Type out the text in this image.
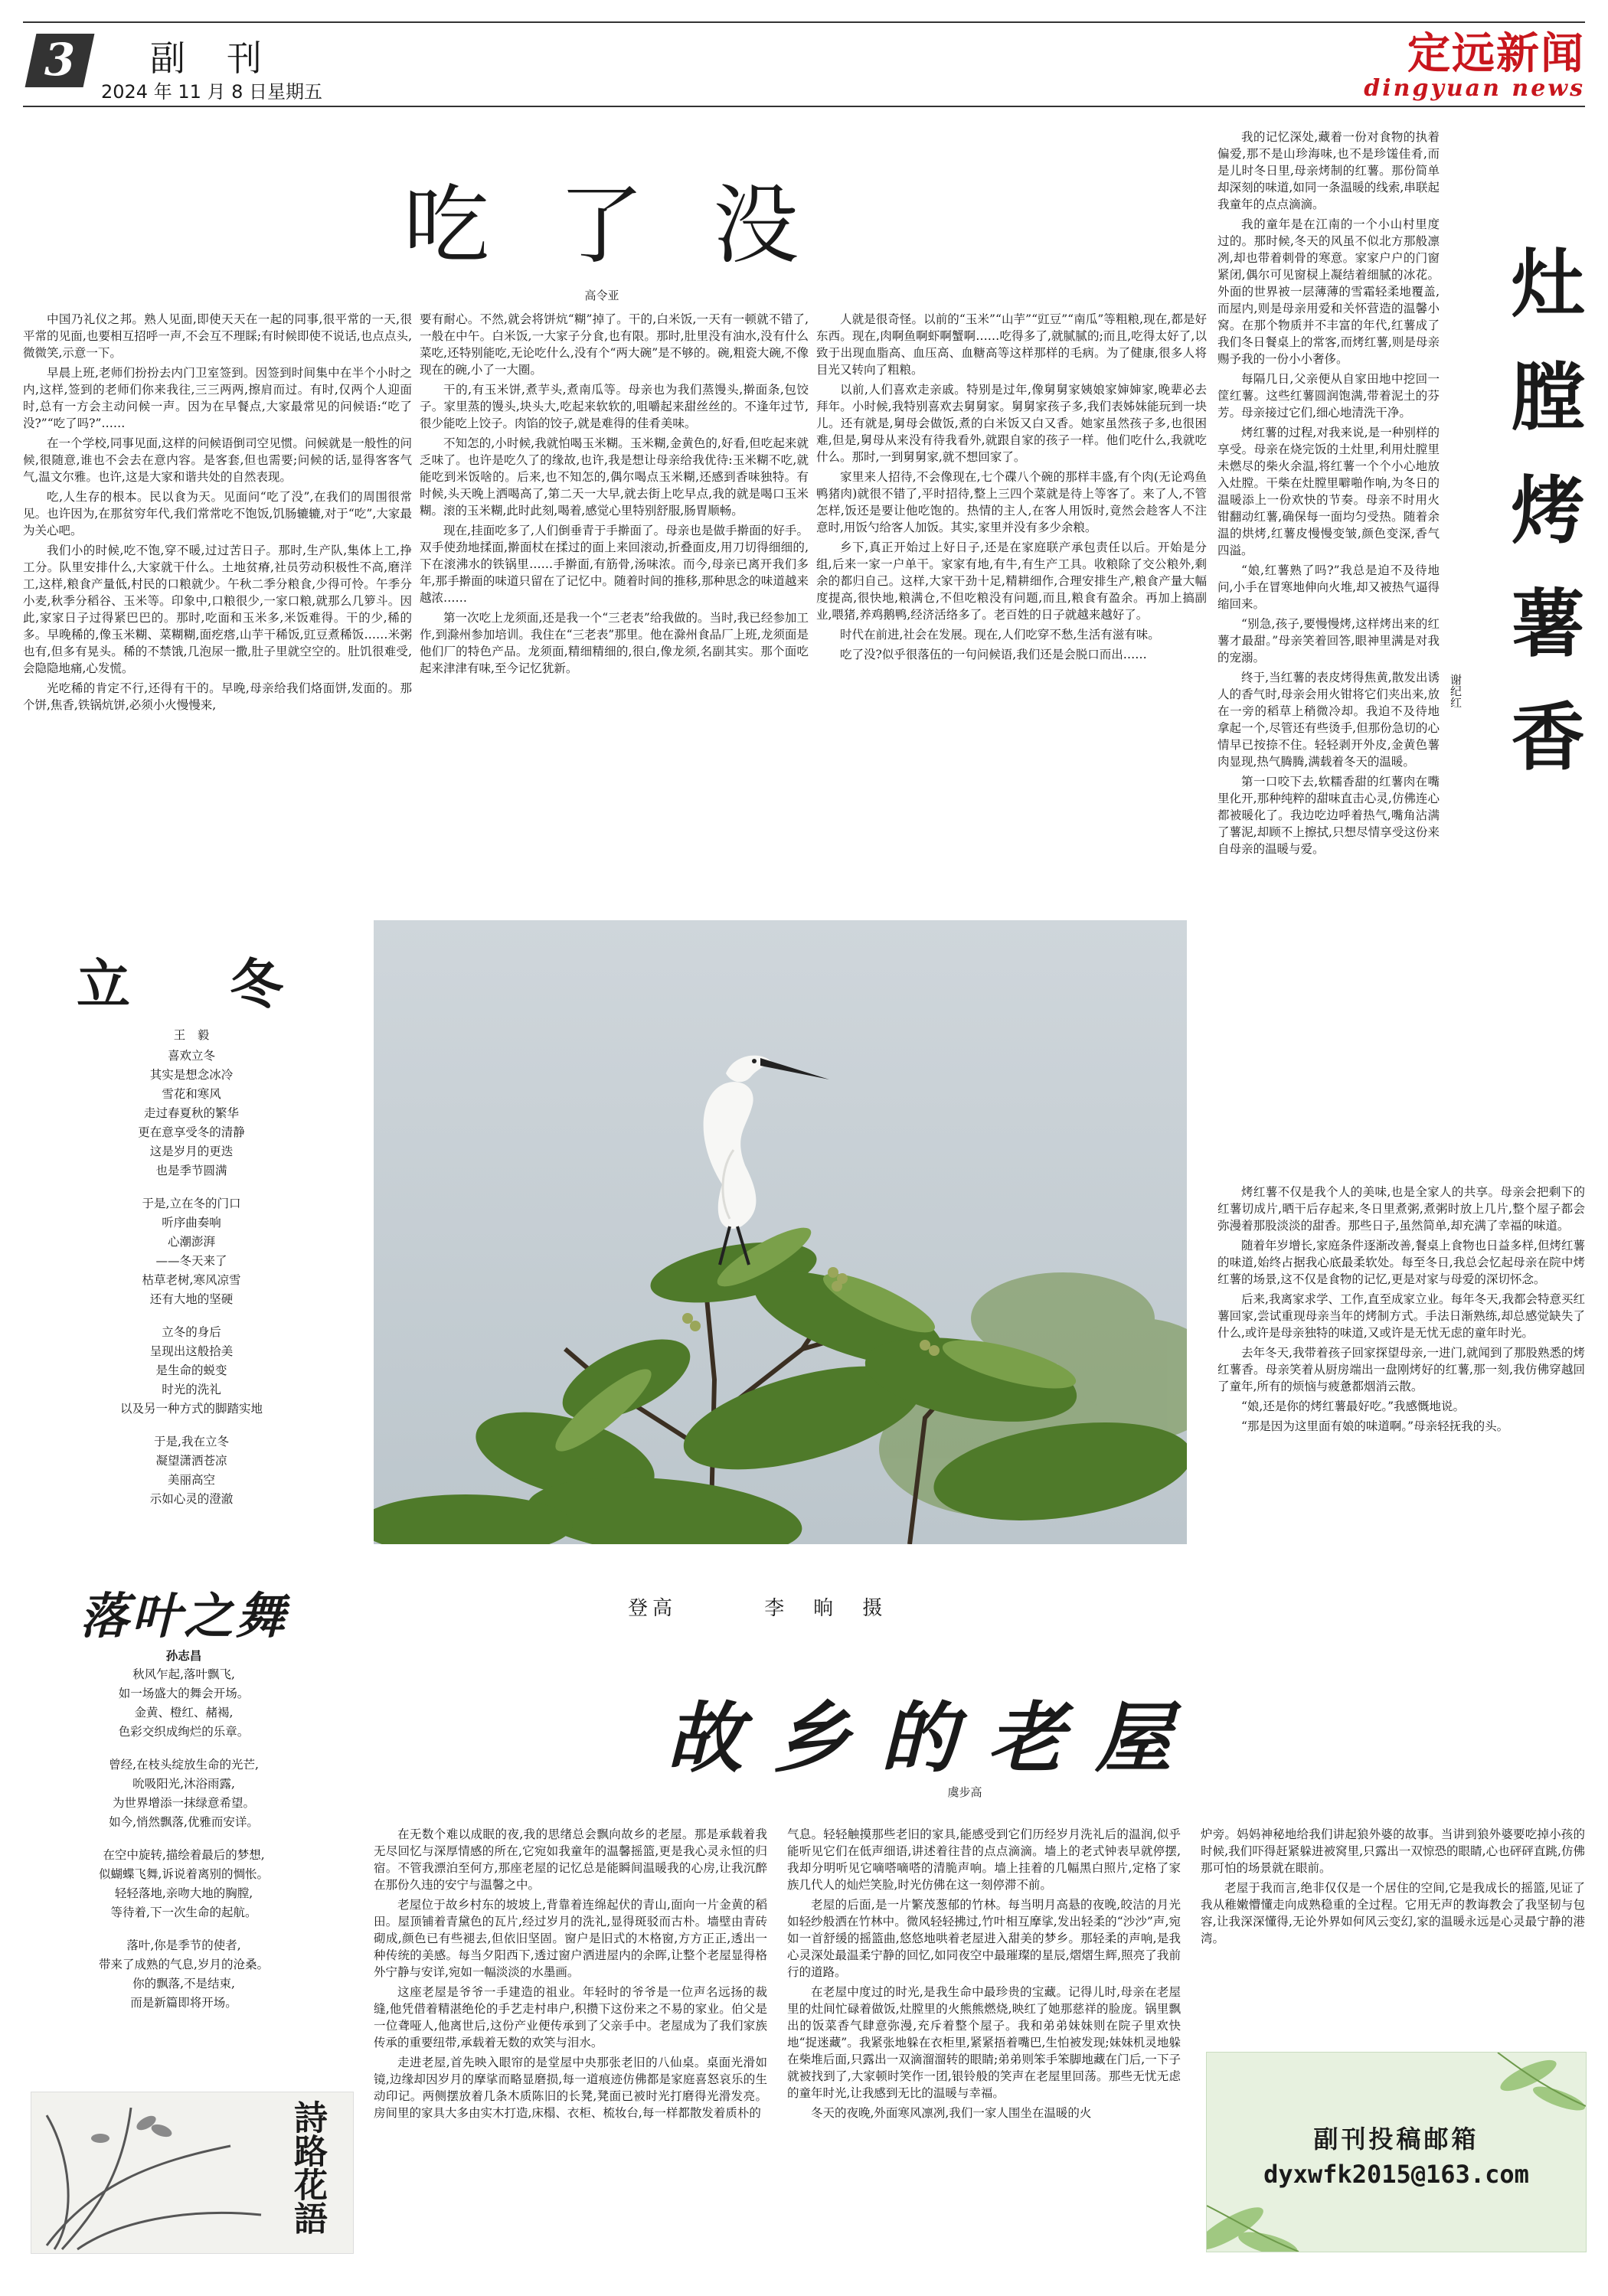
3	副　刊
2024 年 11 月 8 日星期五
定远新闻
dingyuan news
吃了没
高令亚

中国乃礼仪之邦。熟人见面,即使天天在一起的同事,很平常的一天,很平常的见面,也要相互招呼一声,不会互不理睬;有时候即使不说话,也点点头,微微笑,示意一下。

早晨上班,老师们扮扮去内门卫室签到。因签到时间集中在半个小时之内,这样,签到的老师们你来我往,三三两两,擦肩而过。有时,仅两个人迎面时,总有一方会主动问候一声。因为在早餐点,大家最常见的问候语:“吃了没?”“吃了吗?”……

在一个学校,同事见面,这样的问候语倒司空见惯。问候就是一般性的问候,很随意,谁也不会去在意内容。是客套,但也需要;问候的话,显得客客气气,温文尔雅。也许,这是大家和谐共处的自然表现。

吃,人生存的根本。民以食为天。见面问“吃了没”,在我们的周围很常见。也许因为,在那贫穷年代,我们常常吃不饱饭,饥肠辘辘,对于“吃”,大家最为关心吧。

我们小的时候,吃不饱,穿不暖,过过苦日子。那时,生产队,集体上工,挣工分。队里安排什么,大家就干什么。土地贫瘠,社员劳动积极性不高,磨洋工,这样,粮食产量低,村民的口粮就少。午秋二季分粮食,少得可怜。午季分小麦,秋季分稻谷、玉米等。印象中,口粮很少,一家口粮,就那么几箩斗。因此,家家日子过得紧巴巴的。那时,吃面和玉米多,米饭难得。干的少,稀的多。早晚稀的,像玉米糊、菜糊糊,面疙瘩,山芋干稀饭,豇豆煮稀饭……米粥也有,但多有晃头。稀的不禁饿,几泡尿一撒,肚子里就空空的。肚饥很难受,会隐隐地痛,心发慌。

光吃稀的肯定不行,还得有干的。早晚,母亲给我们烙面饼,发面的。那个饼,焦香,铁锅炕饼,必须小火慢慢来,

要有耐心。不然,就会将饼炕“糊”掉了。干的,白米饭,一天有一顿就不错了,一般在中午。白米饭,一大家子分食,也有限。那时,肚里没有油水,没有什么菜吃,还特别能吃,无论吃什么,没有个“两大碗”是不够的。碗,粗瓷大碗,不像现在的碗,小了一大圈。

干的,有玉米饼,煮芋头,煮南瓜等。母亲也为我们蒸馒头,擀面条,包饺子。家里蒸的馒头,块头大,吃起来软软的,咀嚼起来甜丝丝的。不逢年过节,很少能吃上饺子。肉馅的饺子,就是难得的佳肴美味。

不知怎的,小时候,我就怕喝玉米糊。玉米糊,金黄色的,好看,但吃起来就乏味了。也许是吃久了的缘故,也许,我是想让母亲给我优待:玉米糊不吃,就能吃到米饭啥的。后来,也不知怎的,偶尔喝点玉米糊,还感到香味独特。有时候,头天晚上洒喝高了,第二天一大早,就去街上吃早点,我的就是喝口玉米糊。滚的玉米糊,此时此刻,喝着,感觉心里特别舒服,肠胃顺畅。

现在,挂面吃多了,人们倒垂青于手擀面了。母亲也是做手擀面的好手。双手使劲地揉面,擀面杖在揉过的面上来回滚动,折叠面皮,用刀切得细细的,下在滚沸水的铁锅里……手擀面,有筋骨,汤味浓。而今,母亲已离开我们多年,那手擀面的味道只留在了记忆中。随着时间的推移,那种思念的味道越来越浓……

第一次吃上龙须面,还是我一个“三老表”给我做的。当时,我已经参加工作,到滁州参加培训。我住在“三老表”那里。他在滁州食品厂上班,龙须面是他们厂的特色产品。龙须面,精细精细的,很白,像龙须,名副其实。那个面吃起来津津有味,至今记忆犹新。

人就是很奇怪。以前的“玉米”“山芋”“豇豆”“南瓜”等粗粮,现在,都是好东西。现在,肉啊鱼啊虾啊蟹啊……吃得多了,就腻腻的;而且,吃得太好了,以致于出现血脂高、血压高、血糖高等这样那样的毛病。为了健康,很多人将目光又转向了粗粮。

以前,人们喜欢走亲戚。特别是过年,像舅舅家姨娘家婶婶家,晚辈必去拜年。小时候,我特别喜欢去舅舅家。舅舅家孩子多,我们表姊妹能玩到一块儿。还有就是,舅母会做饭,煮的白米饭又白又香。她家虽然孩子多,也很困难,但是,舅母从来没有待我看外,就跟自家的孩子一样。他们吃什么,我就吃什么。那时,一到舅舅家,就不想回家了。

家里来人招待,不会像现在,七个碟八个碗的那样丰盛,有个肉(无论鸡鱼鸭猪肉)就很不错了,平时招待,整上三四个菜就是待上等客了。来了人,不管怎样,饭还是要让他吃饱的。热情的主人,在客人用饭时,竟然会趁客人不注意时,用饭勺给客人加饭。其实,家里并没有多少余粮。

乡下,真正开始过上好日子,还是在家庭联产承包责任以后。开始是分组,后来一家一户单干。家家有地,有牛,有生产工具。收粮除了交公粮外,剩余的都归自己。这样,大家干劲十足,精耕细作,合理安排生产,粮食产量大幅度提高,很快地,粮满仓,不但吃粮没有问题,而且,粮食有盈余。再加上搞副业,喂猪,养鸡鹅鸭,经济活络多了。老百姓的日子就越来越好了。

时代在前进,社会在发展。现在,人们吃穿不愁,生活有滋有味。

吃了没?似乎很落伍的一句问候语,我们还是会脱口而出……

立　冬

王　毅

喜欢立冬

其实是想念冰冷

雪花和寒风

走过春夏秋的繁华

更在意享受冬的清静

这是岁月的更迭

也是季节圆满

于是,立在冬的门口

听序曲奏响

心潮澎湃

——冬天来了

枯草老树,寒风凉雪

还有大地的坚硬

立冬的身后

呈现出这般拾美

是生命的蜕变

时光的洗礼

以及另一种方式的脚踏实地

于是,我在立冬

凝望潇洒苍凉

美丽高空

示如心灵的澄澈

登高	李　晌　摄

我的记忆深处,藏着一份对食物的执着偏爱,那不是山珍海味,也不是珍馐佳肴,而是儿时冬日里,母亲烤制的红薯。那份简单却深刻的味道,如同一条温暖的线索,串联起我童年的点点滴滴。

我的童年是在江南的一个小山村里度过的。那时候,冬天的风虽不似北方那般凛冽,却也带着刺骨的寒意。家家户户的门窗紧闭,偶尔可见窗棂上凝结着细腻的冰花。外面的世界被一层薄薄的雪霜轻柔地覆盖,而屋内,则是母亲用爱和关怀营造的温馨小窝。在那个物质并不丰富的年代,红薯成了我们冬日餐桌上的常客,而烤红薯,则是母亲赐予我的一份小小奢侈。

每隔几日,父亲便从自家田地中挖回一筐红薯。这些红薯圆润饱满,带着泥土的芬芳。母亲接过它们,细心地清洗干净。

烤红薯的过程,对我来说,是一种别样的享受。母亲在烧完饭的土灶里,利用灶膛里未燃尽的柴火余温,将红薯一个个小心地放入灶膛。干柴在灶膛里噼啪作响,为冬日的温暖添上一份欢快的节奏。母亲不时用火钳翻动红薯,确保每一面均匀受热。随着余温的烘烤,红薯皮慢慢变皱,颜色变深,香气四溢。

“娘,红薯熟了吗?”我总是迫不及待地问,小手在冒寒地伸向火堆,却又被热气逼得缩回来。

“别急,孩子,要慢慢烤,这样烤出来的红薯才最甜。”母亲笑着回答,眼神里满是对我的宠溺。

终于,当红薯的表皮烤得焦黄,散发出诱人的香气时,母亲会用火钳将它们夹出来,放在一旁的稻草上稍微冷却。我迫不及待地拿起一个,尽管还有些烫手,但那份急切的心情早已按捺不住。轻轻剥开外皮,金黄色薯肉显现,热气腾腾,满载着冬天的温暖。

第一口咬下去,软糯香甜的红薯肉在嘴里化开,那种纯粹的甜味直击心灵,仿佛连心都被暖化了。我边吃边呼着热气,嘴角沾满了薯泥,却顾不上擦拭,只想尽情享受这份来自母亲的温暖与爱。

灶膛烤薯香
谢纪红

烤红薯不仅是我个人的美味,也是全家人的共享。母亲会把剩下的红薯切成片,晒干后存起来,冬日里煮粥,煮粥时放上几片,整个屋子都会弥漫着那股淡淡的甜香。那些日子,虽然简单,却充满了幸福的味道。

随着年岁增长,家庭条件逐渐改善,餐桌上食物也日益多样,但烤红薯的味道,始终占据我心底最柔软处。每至冬日,我总会忆起母亲在院中烤红薯的场景,这不仅是食物的记忆,更是对家与母爱的深切怀念。

后来,我离家求学、工作,直至成家立业。每年冬天,我都会特意买红薯回家,尝试重现母亲当年的烤制方式。手法日渐熟练,却总感觉缺失了什么,或许是母亲独特的味道,又或许是无忧无虑的童年时光。

去年冬天,我带着孩子回家探望母亲,一进门,就闻到了那股熟悉的烤红薯香。母亲笑着从厨房端出一盘刚烤好的红薯,那一刻,我仿佛穿越回了童年,所有的烦恼与疲惫都烟消云散。

“娘,还是你的烤红薯最好吃。”我感慨地说。

“那是因为这里面有娘的味道啊。”母亲轻抚我的头。

落叶之舞

孙志昌

秋风乍起,落叶飘飞,

如一场盛大的舞会开场。

金黄、橙红、赭褐,

色彩交织成绚烂的乐章。

曾经,在枝头绽放生命的光芒,

吮吸阳光,沐浴雨露,

为世界增添一抹绿意希望。

如今,悄然飘落,优雅而安详。

在空中旋转,描绘着最后的梦想,

似蝴蝶飞舞,诉说着离别的惆怅。

轻轻落地,亲吻大地的胸膛,

等待着,下一次生命的起航。

落叶,你是季节的使者,

带来了成熟的气息,岁月的沧桑。

你的飘落,不是结束,

而是新篇即将开场。

詩路花語
故乡的老屋
虞步高

在无数个难以成眠的夜,我的思绪总会飘向故乡的老屋。那是承载着我无尽回忆与深厚情感的所在,它宛如我童年的温馨摇篮,更是我心灵永恒的归宿。不管我漂泊至何方,那座老屋的记忆总是能瞬间温暖我的心房,让我沉醉在那份久违的安宁与温馨之中。

老屋位于故乡村东的坡坡上,背靠着连绵起伏的青山,面向一片金黄的稻田。屋顶铺着青黛色的瓦片,经过岁月的洗礼,显得斑驳而古朴。墙壁由青砖砌成,颜色已有些褪去,但依旧坚固。窗户是旧式的木格窗,方方正正,透出一种传统的美感。每当夕阳西下,透过窗户洒进屋内的余晖,让整个老屋显得格外宁静与安详,宛如一幅淡淡的水墨画。

这座老屋是爷爷一手建造的祖业。年轻时的爷爷是一位声名远扬的裁缝,他凭借着精湛绝伦的手艺走村串户,积攒下这份来之不易的家业。伯父是一位聋哑人,他离世后,这份产业便传承到了父亲手中。老屋成为了我们家族传承的重要纽带,承载着无数的欢笑与泪水。

走进老屋,首先映入眼帘的是堂屋中央那张老旧的八仙桌。桌面光滑如镜,边缘却因岁月的摩挲而略显磨损,每一道痕迹仿佛都是家庭喜怒哀乐的生动印记。两侧摆放着几条木质陈旧的长凳,凳面已被时光打磨得光滑发亮。房间里的家具大多由实木打造,床榻、衣柜、梳妆台,每一样都散发着质朴的

气息。轻轻触摸那些老旧的家具,能感受到它们历经岁月洗礼后的温润,似乎能听见它们在低声细语,讲述着往昔的点点滴滴。墙上的老式钟表早就停摆,我却分明听见它嘀嗒嘀嗒的清脆声响。墙上挂着的几幅黑白照片,定格了家族几代人的灿烂笑脸,时光仿佛在这一刻停滞不前。

老屋的后面,是一片繁茂葱郁的竹林。每当明月高悬的夜晚,皎洁的月光如轻纱般洒在竹林中。微风轻轻拂过,竹叶相互摩挲,发出轻柔的“沙沙”声,宛如一首舒缓的摇篮曲,悠悠地哄着老屋进入甜美的梦乡。那轻柔的声响,是我心灵深处最温柔宁静的回忆,如同夜空中最璀璨的星辰,熠熠生辉,照亮了我前行的道路。

在老屋中度过的时光,是我生命中最珍贵的宝藏。记得儿时,母亲在老屋里的灶间忙碌着做饭,灶膛里的火熊熊燃烧,映红了她那慈祥的脸庞。锅里飘出的饭菜香气肆意弥漫,充斥着整个屋子。我和弟弟妹妹则在院子里欢快地“捉迷藏”。我紧张地躲在衣柜里,紧紧捂着嘴巴,生怕被发现;妹妹机灵地躲在柴堆后面,只露出一双滴溜溜转的眼睛;弟弟则笨手笨脚地藏在门后,一下子就被找到了,大家顿时笑作一团,银铃般的笑声在老屋里回荡。那些无忧无虑的童年时光,让我感到无比的温暖与幸福。

冬天的夜晚,外面寒风凛冽,我们一家人围坐在温暖的火

炉旁。妈妈神秘地给我们讲起狼外婆的故事。当讲到狼外婆要吃掉小孩的时候,我们吓得赶紧躲进被窝里,只露出一双惊恐的眼睛,心也砰砰直跳,仿佛那可怕的场景就在眼前。

老屋于我而言,绝非仅仅是一个居住的空间,它是我成长的摇篮,见证了我从稚嫩懵懂走向成熟稳重的全过程。它用无声的教诲教会了我坚韧与包容,让我深深懂得,无论外界如何风云变幻,家的温暖永远是心灵最宁静的港湾。

副刊投稿邮箱
dyxwfk2015@163.com
